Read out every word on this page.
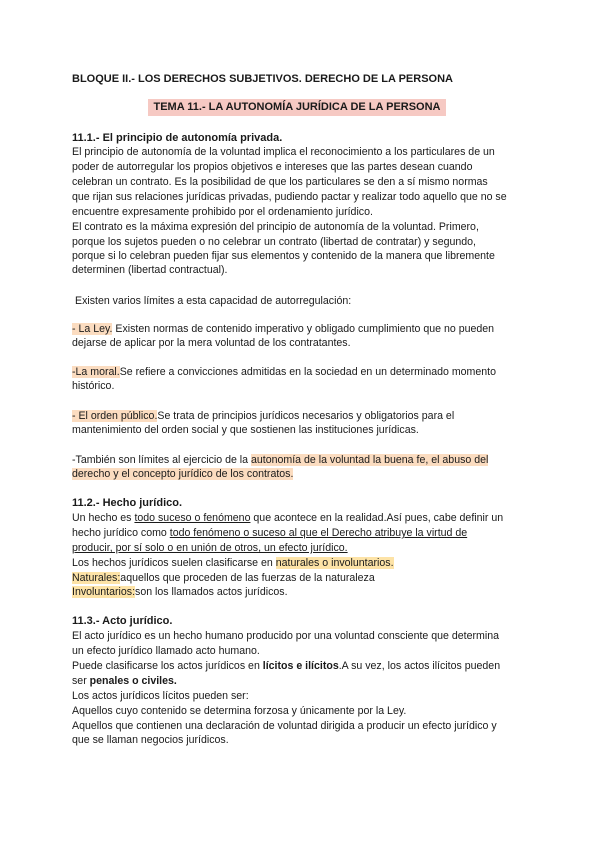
BLOQUE II.- LOS DERECHOS SUBJETIVOS. DERECHO DE LA PERSONA
TEMA 11.- LA AUTONOMÍA JURÍDICA DE LA PERSONA
11.1.- El principio de autonomía privada.
El principio de autonomía de la voluntad implica el reconocimiento a los particulares de un
poder de autorregular los propios objetivos e intereses que las partes desean cuando
celebran un contrato. Es la posibilidad de que los particulares se den a sí mismo normas
que rijan sus relaciones jurídicas privadas, pudiendo pactar y realizar todo aquello que no se
encuentre expresamente prohibido por el ordenamiento jurídico.
El contrato es la máxima expresión del principio de autonomía de la voluntad. Primero,
porque los sujetos pueden o no celebrar un contrato (libertad de contratar) y segundo,
porque si lo celebran pueden fijar sus elementos y contenido de la manera que libremente
determinen (libertad contractual).
Existen varios límites a esta capacidad de autorregulación:
- La Ley. Existen normas de contenido imperativo y obligado cumplimiento que no pueden
dejarse de aplicar por la mera voluntad de los contratantes.
-La moral.Se refiere a convicciones admitidas en la sociedad en un determinado momento
histórico.
- El orden público.Se trata de principios jurídicos necesarios y obligatorios para el
mantenimiento del orden social y que sostienen las instituciones jurídicas.
-También son límites al ejercicio de la autonomía de la voluntad la buena fe, el abuso del
derecho y el concepto jurídico de los contratos.
11.2.- Hecho jurídico.
Un hecho es todo suceso o fenómeno que acontece en la realidad.Así pues, cabe definir un
hecho jurídico como todo fenómeno o suceso al que el Derecho atribuye la virtud de
producir, por sí solo o en unión de otros, un efecto jurídico.
Los hechos jurídicos suelen clasificarse en naturales o involuntarios.
Naturales:aquellos que proceden de las fuerzas de la naturaleza
Involuntarios:son los llamados actos jurídicos.
11.3.- Acto jurídico.
El acto jurídico es un hecho humano producido por una voluntad consciente que determina
un efecto jurídico llamado acto humano.
Puede clasificarse los actos jurídicos en lícitos e ilícitos.A su vez, los actos ilícitos pueden
ser penales o civiles.
Los actos jurídicos lícitos pueden ser:
Aquellos cuyo contenido se determina forzosa y únicamente por la Ley.
Aquellos que contienen una declaración de voluntad dirigida a producir un efecto jurídico y
que se llaman negocios jurídicos.
